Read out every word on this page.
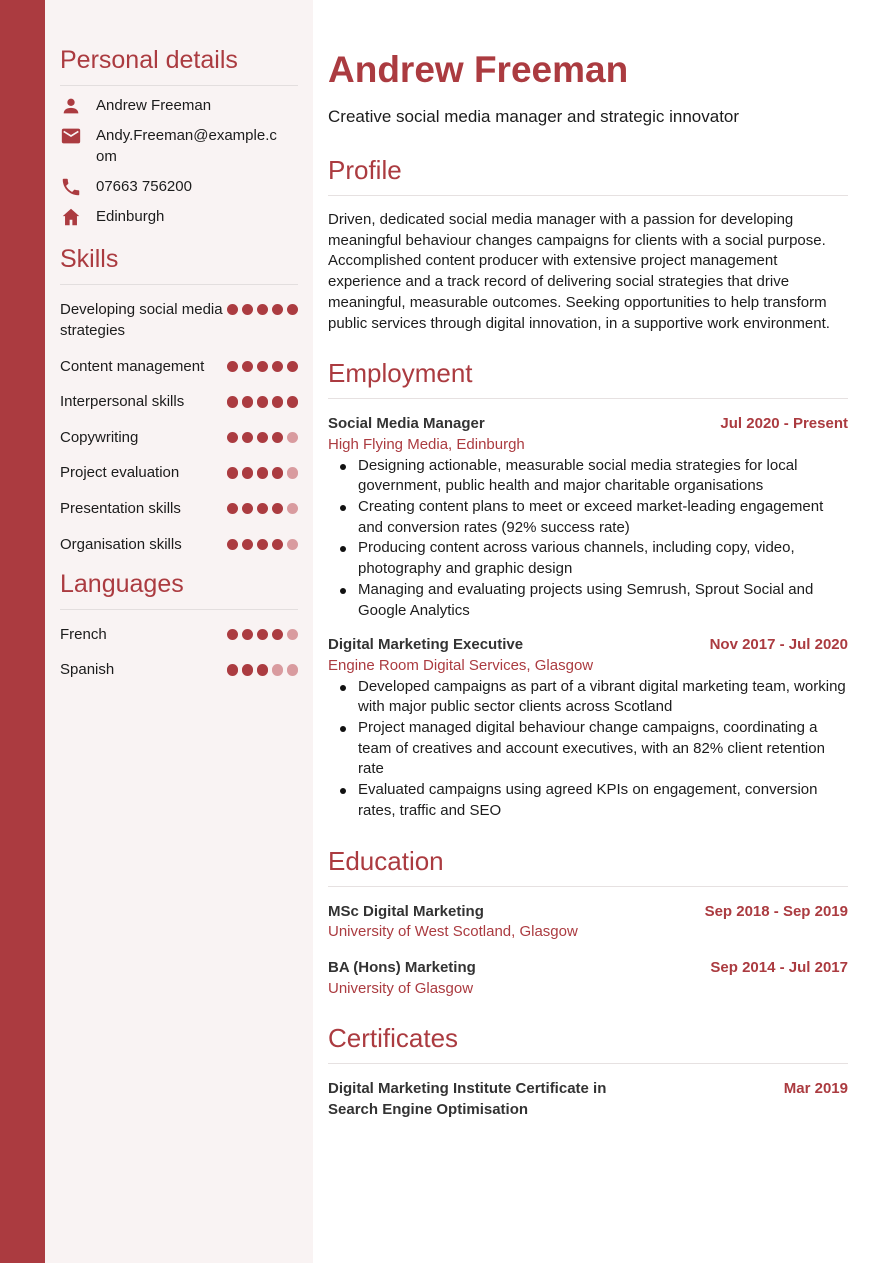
Personal details
Andrew Freeman
Andy.Freeman@example.com
07663 756200
Edinburgh
Skills
Developing social media strategies
Content management
Interpersonal skills
Copywriting
Project evaluation
Presentation skills
Organisation skills
Languages
French
Spanish
Andrew Freeman
Creative social media manager and strategic innovator
Profile

Driven, dedicated social media manager with a passion for developing meaningful behaviour changes campaigns for clients with a social purpose. Accomplished content producer with extensive project management experience and a track record of delivering social strategies that drive meaningful, measurable outcomes. Seeking opportunities to help transform public services through digital innovation, in a supportive work environment.

Employment
Social Media Manager	Jul 2020 - Present
High Flying Media, Edinburgh
Designing actionable, measurable social media strategies for local government, public health and major charitable organisations
Creating content plans to meet or exceed market-leading engagement and conversion rates (92% success rate)
Producing content across various channels, including copy, video, photography and graphic design
Managing and evaluating projects using Semrush, Sprout Social and Google Analytics
Digital Marketing Executive	Nov 2017 - Jul 2020
Engine Room Digital Services, Glasgow
Developed campaigns as part of a vibrant digital marketing team, working with major public sector clients across Scotland
Project managed digital behaviour change campaigns, coordinating a team of creatives and account executives, with an 82% client retention rate
Evaluated campaigns using agreed KPIs on engagement, conversion rates, traffic and SEO
Education
MSc Digital Marketing	Sep 2018 - Sep 2019
University of West Scotland, Glasgow
BA (Hons) Marketing	Sep 2014 - Jul 2017
University of Glasgow
Certificates
Digital Marketing Institute Certificate in Search Engine Optimisation
Mar 2019
